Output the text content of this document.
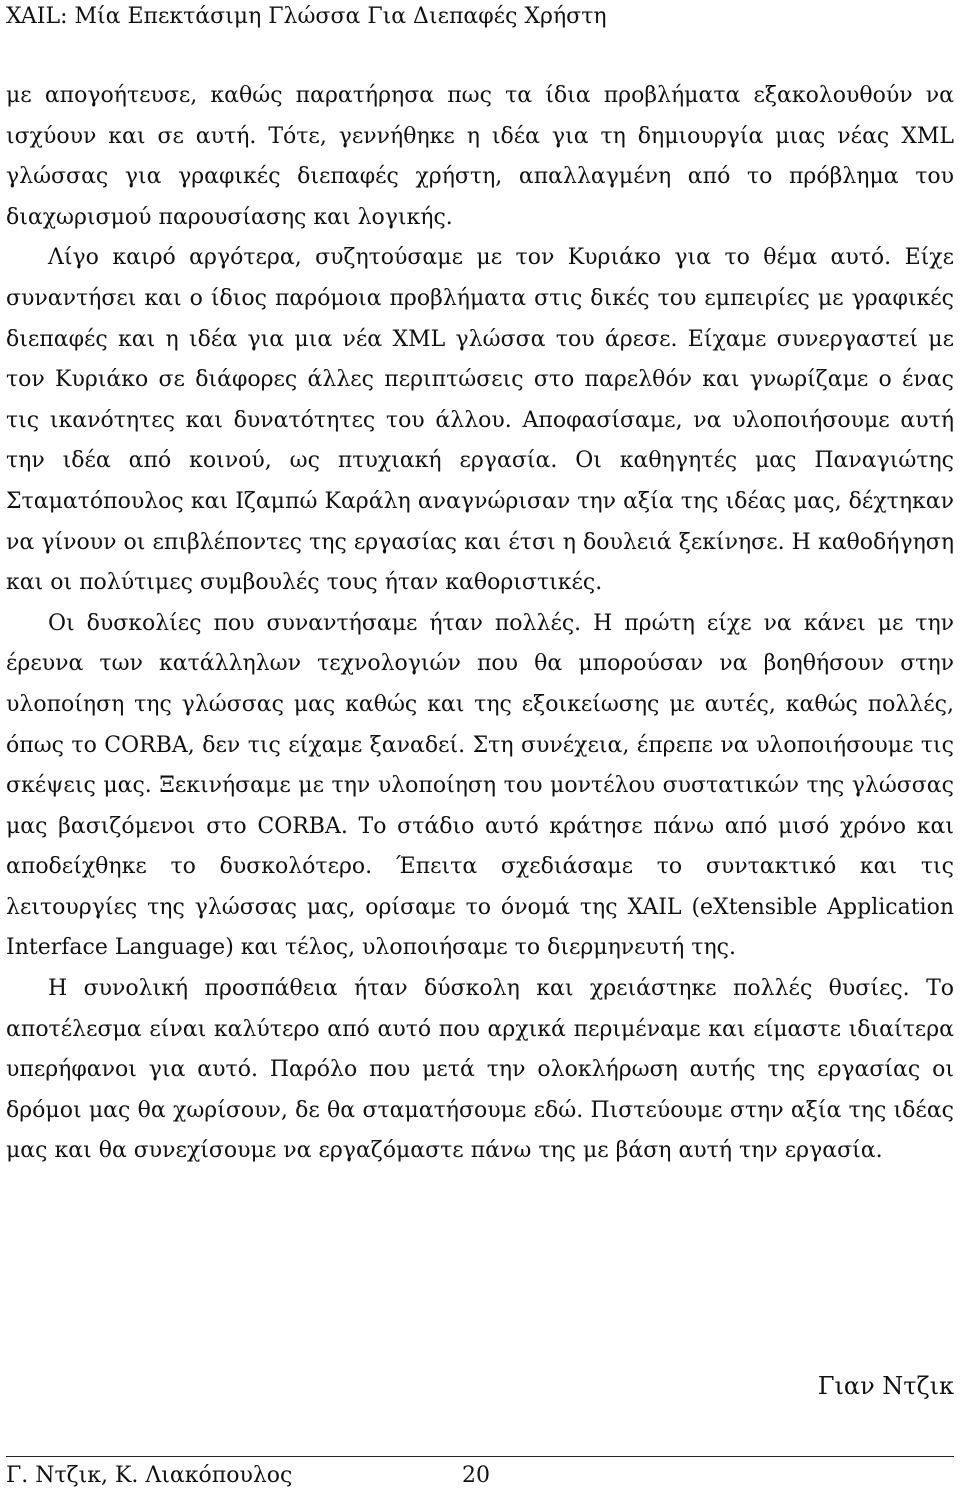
XAIL: Μία Επεκτάσιμη Γλώσσα Για Διεπαφές Χρήστη

με απογοήτευσε, καθώς παρατήρησα πως τα ίδια προβλήματα εξακολουθούν να ισχύουν και σε αυτή. Τότε, γεννήθηκε η ιδέα για τη δημιουργία μιας νέας XML γλώσσας για γραφικές διεπαφές χρήστη, απαλλαγμένη από το πρόβλημα του διαχωρισμού παρουσίασης και λογικής.

Λίγο καιρό αργότερα, συζητούσαμε με τον Κυριάκο για το θέμα αυτό. Είχε συναντήσει και ο ίδιος παρόμοια προβλήματα στις δικές του εμπειρίες με γραφικές διεπαφές και η ιδέα για μια νέα XML γλώσσα του άρεσε. Είχαμε συνεργαστεί με τον Κυριάκο σε διάφορες άλλες περιπτώσεις στο παρελθόν και γνωρίζαμε ο ένας τις ικανότητες και δυνατότητες του άλλου. Αποφασίσαμε, να υλοποιήσουμε αυτή την ιδέα από κοινού, ως πτυχιακή εργασία. Οι καθηγητές μας Παναγιώτης Σταματόπουλος και Ιζαμπώ Καράλη αναγνώρισαν την αξία της ιδέας μας, δέχτηκαν να γίνουν οι επιβλέποντες της εργασίας και έτσι η δουλειά ξεκίνησε. Η καθοδήγηση και οι πολύτιμες συμβουλές τους ήταν καθοριστικές.

Οι δυσκολίες που συναντήσαμε ήταν πολλές. Η πρώτη είχε να κάνει με την έρευνα των κατάλληλων τεχνολογιών που θα μπορούσαν να βοηθήσουν στην υλοποίηση της γλώσσας μας καθώς και της εξοικείωσης με αυτές, καθώς πολλές, όπως το CORBA, δεν τις είχαμε ξαναδεί. Στη συνέχεια, έπρεπε να υλοποιήσουμε τις σκέψεις μας. Ξεκινήσαμε με την υλοποίηση του μοντέλου συστατικών της γλώσσας μας βασιζόμενοι στο CORBA. Το στάδιο αυτό κράτησε πάνω από μισό χρόνο και αποδείχθηκε το δυσκολότερο. Έπειτα σχεδιάσαμε το συντακτικό και τις λειτουργίες της γλώσσας μας, ορίσαμε το όνομά της XAIL (eXtensible Application Interface Language) και τέλος, υλοποιήσαμε το διερμηνευτή της.

Η συνολική προσπάθεια ήταν δύσκολη και χρειάστηκε πολλές θυσίες. Το αποτέλεσμα είναι καλύτερο από αυτό που αρχικά περιμέναμε και είμαστε ιδιαίτερα υπερήφανοι για αυτό. Παρόλο που μετά την ολοκλήρωση αυτής της εργασίας οι δρόμοι μας θα χωρίσουν, δε θα σταματήσουμε εδώ. Πιστεύουμε στην αξία της ιδέας μας και θα συνεχίσουμε να εργαζόμαστε πάνω της με βάση αυτή την εργασία.

Γιαν Ντζικ
Γ. Ντζικ, Κ. Λιακόπουλος	20
